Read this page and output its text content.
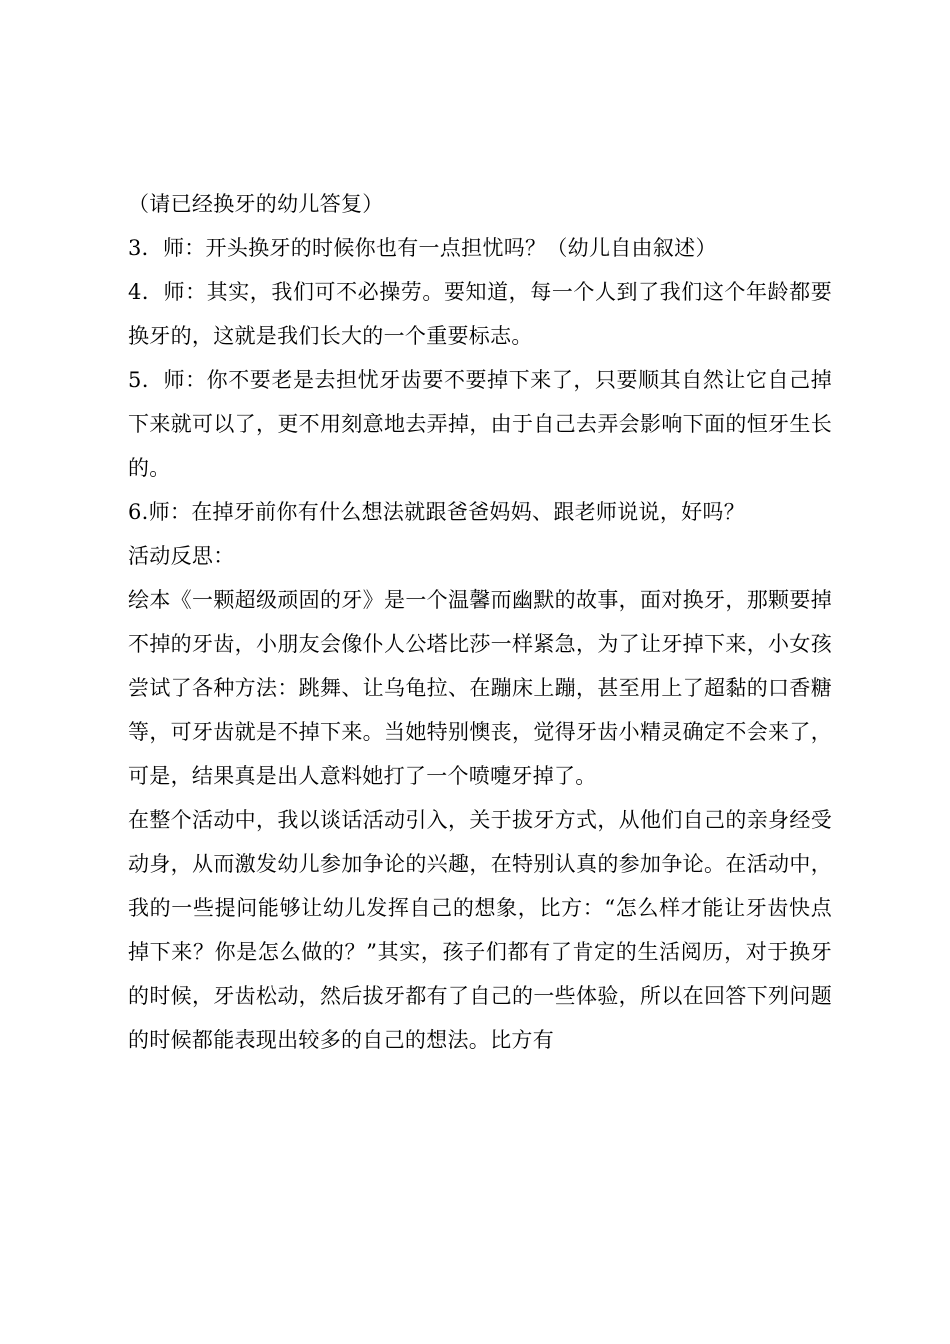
（请已经换牙的幼儿答复）

3．师：开头换牙的时候你也有一点担忧吗？（幼儿自由叙述）

4．师：其实，我们可不必操劳。要知道，每一个人到了我们这个年龄都要换牙的，这就是我们长大的一个重要标志。

5．师：你不要老是去担忧牙齿要不要掉下来了，只要顺其自然让它自己掉下来就可以了，更不用刻意地去弄掉，由于自己去弄会影响下面的恒牙生长的。

6.师：在掉牙前你有什么想法就跟爸爸妈妈、跟老师说说，好吗？

活动反思：

绘本《一颗超级顽固的牙》是一个温馨而幽默的故事，面对换牙，那颗要掉不掉的牙齿，小朋友会像仆人公塔比莎一样紧急，为了让牙掉下来，小女孩尝试了各种方法：跳舞、让乌龟拉、在蹦床上蹦，甚至用上了超黏的口香糖等，可牙齿就是不掉下来。当她特别懊丧，觉得牙齿小精灵确定不会来了，可是，结果真是出人意料她打了一个喷嚏牙掉了。

在整个活动中，我以谈话活动引入，关于拔牙方式，从他们自己的亲身经受动身，从而激发幼儿参加争论的兴趣，在特别认真的参加争论。在活动中，我的一些提问能够让幼儿发挥自己的想象，比方：“怎么样才能让牙齿快点掉下来？你是怎么做的？”其实，孩子们都有了肯定的生活阅历，对于换牙的时候，牙齿松动，然后拔牙都有了自己的一些体验，所以在回答下列问题的时候都能表现出较多的自己的想法。比方有
